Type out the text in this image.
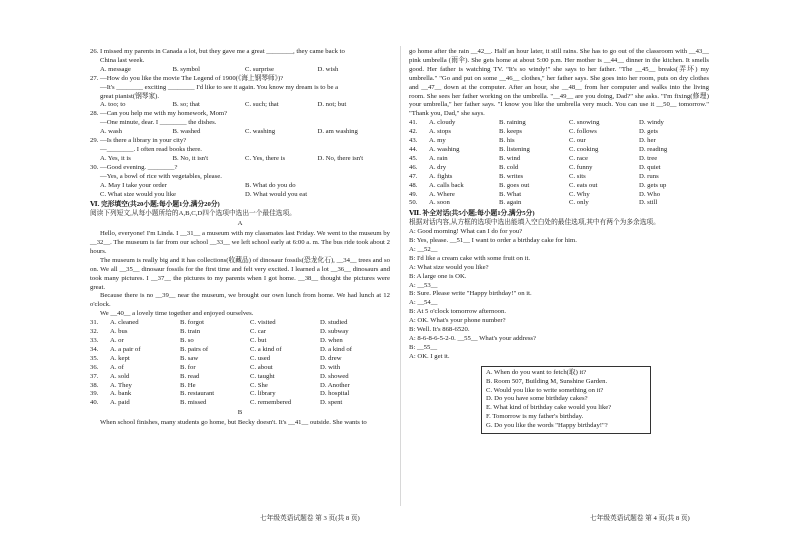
26. I missed my parents in Canada a lot, but they gave me a great ________, they came back to

China last week.

A. message	B. symbol	C. surprise	D. wish

27. —How do you like the movie The Legend of 1900(《海上钢琴师》)?

—It's ________ exciting ________ I'd like to see it again. You know my dream is to be a

great pianist(钢琴家).

A. too; to	B. so; that	C. such; that	D. not; but

28. —Can you help me with my homework, Mom?

—One minute, dear. I ________ the dishes.

A. wash	B. washed	C. washing	D. am washing

29. —Is there a library in your city?

—________. I often read books there.

A. Yes, it is	B. No, it isn't	C. Yes, there is	D. No, there isn't

30. —Good evening. ________?

—Yes, a bowl of rice with vegetables, please.

A. May I take your order	B. What do you do
C. What size would you like	D. What would you eat

Ⅵ. 完形填空(共20小题;每小题1分,满分20分)

阅读下列短文,从每小题所给的A,B,C,D四个选项中选出一个最佳选项。

A

Hello, everyone! I'm Linda. I __31__ a museum with my classmates last Friday. We went to the museum by __32__. The museum is far from our school __33__ we left school early at 6:00 a. m. The bus ride took about 2 hours.

The museum is really big and it has collections(收藏品) of dinosaur fossils(恐龙化石), __34__ trees and so on. We all __35__ dinosaur fossils for the first time and felt very excited. I learned a lot __36__ dinosaurs and took many pictures. I __37__ the pictures to my parents when I got home. __38__ thought the pictures were great.

Because there is no __39__ near the museum, we brought our own lunch from home. We had lunch at 12 o'clock.

We __40__ a lovely time together and enjoyed ourselves.

31.	A. cleaned	B. forgot	C. visited	D. studied
32.	A. bus	B. train	C. car	D. subway
33.	A. or	B. so	C. but	D. when
34.	A. a pair of	B. pairs of	C. a kind of	D. a kind of
35.	A. kept	B. saw	C. used	D. drew
36.	A. of	B. for	C. about	D. with
37.	A. sold	B. read	C. taught	D. showed
38.	A. They	B. He	C. She	D. Another
39.	A. bank	B. restaurant	C. library	D. hospital
40.	A. paid	B. missed	C. remembered	D. spent

B

When school finishes, many students go home, but Becky doesn't. It's __41__ outside. She wants to

go home after the rain __42__. Half an hour later, it still rains. She has to go out of the classroom with __43__ pink umbrella (雨伞). She gets home at about 5:00 p.m. Her mother is __44__ dinner in the kitchen. It smells good. Her father is watching TV. "It's so windy!" she says to her father. "The __45__ breaks(弄坏) my umbrella." "Go and put on some __46__ clothes," her father says. She goes into her room, puts on dry clothes and __47__ down at the computer. After an hour, she __48__ from her computer and walks into the living room. She sees her father working on the umbrella. "__49__ are you doing, Dad?" she asks. "I'm fixing(修理) your umbrella," her father says. "I know you like the umbrella very much. You can use it __50__ tomorrow." "Thank you, Dad," she says.

41.	A. cloudy	B. raining	C. snowing	D. windy
42.	A. stops	B. keeps	C. follows	D. gets
43.	A. my	B. his	C. our	D. her
44.	A. washing	B. listening	C. cooking	D. reading
45.	A. rain	B. wind	C. race	D. tree
46.	A. dry	B. cold	C. funny	D. quiet
47.	A. fights	B. writes	C. sits	D. runs
48.	A. calls back	B. goes out	C. eats out	D. gets up
49.	A. Where	B. What	C. Why	D. Who
50.	A. soon	B. again	C. only	D. still

Ⅶ. 补全对话(共5小题;每小题1分,满分5分)

根据对话内容,从方框的选项中选出能填入空白处的最佳选项,其中有两个为多余选项。

A: Good morning! What can I do for you?

B: Yes, please. __51__ I want to order a birthday cake for him.

A: __52__

B: I'd like a cream cake with some fruit on it.

A: What size would you like?

B: A large one is OK.

A: __53__

B: Sure. Please write "Happy birthday!" on it.

A: __54__

B: At 5 o'clock tomorrow afternoon.

A: OK. What's your phone number?

B: Well. It's 868-6520.

A: 8-6-8-6-5-2-0. __55__ What's your address?

B: __55__

A: OK. I get it.

A. When do you want to fetch(取) it?
B. Room 507, Building M, Sunshine Garden.
C. Would you like to write something on it?
D. Do you have some birthday cakes?
E. What kind of birthday cake would you like?
F. Tomorrow is my father's birthday.
G. Do you like the words "Happy birthday!"?
七年级英语试题卷 第 3 页(共 8 页)	七年级英语试题卷 第 4 页(共 8 页)
